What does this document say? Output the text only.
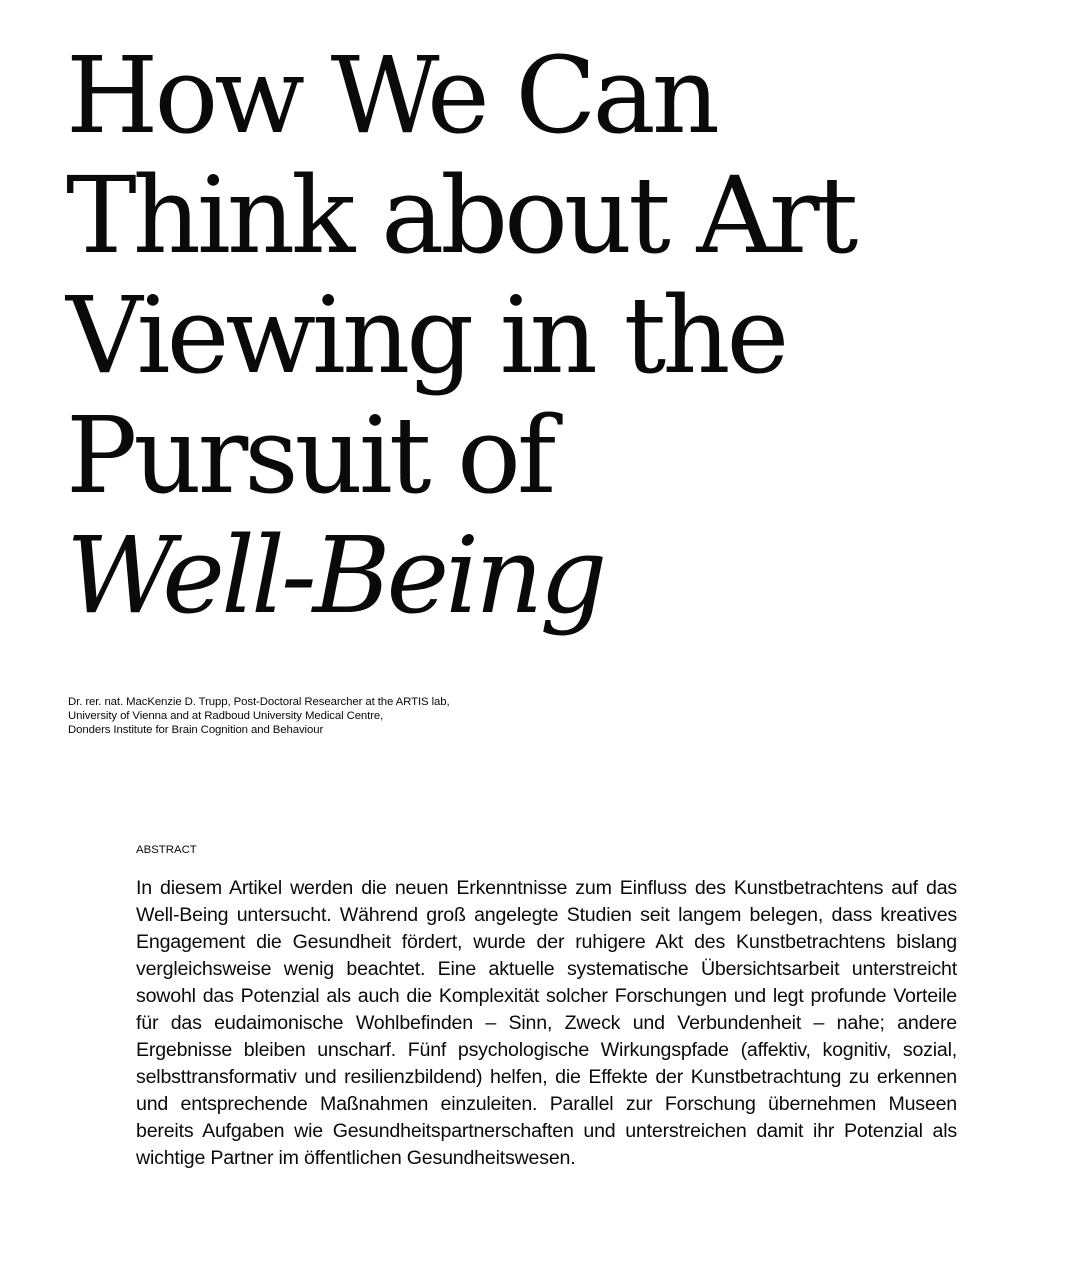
How We Can
Think about Art
Viewing in the
Pursuit of
Well-Being
Dr. rer. nat. MacKenzie D. Trupp, Post-Doctoral Researcher at the ARTIS lab,
University of Vienna and at Radboud University Medical Centre,
Donders Institute for Brain Cognition and Behaviour
ABSTRACT

In diesem Artikel werden die neuen Erkenntnisse zum Einfluss des Kunstbetrachtens auf das Well-Being untersucht. Während groß angelegte Studien seit langem belegen, dass kreatives Engagement die Gesundheit fördert, wurde der ruhigere Akt des Kunstbetrachtens bislang vergleichsweise wenig beachtet. Eine aktuelle systematische Übersichtsarbeit unterstreicht sowohl das Potenzial als auch die Komplexität solcher Forschungen und legt profunde Vorteile für das eudaimonische Wohlbefinden – Sinn, Zweck und Verbundenheit – nahe; andere Ergebnisse bleiben unscharf. Fünf psychologische Wirkungspfade (affektiv, kognitiv, sozial, selbsttransformativ und resilienzbildend) helfen, die Effekte der Kunstbetrachtung zu erkennen und entsprechende Maßnahmen einzuleiten. Parallel zur Forschung übernehmen Museen bereits Aufgaben wie Gesundheitspartnerschaften und unterstreichen damit ihr Potenzial als wichtige Partner im öffentlichen Gesundheitswesen.
